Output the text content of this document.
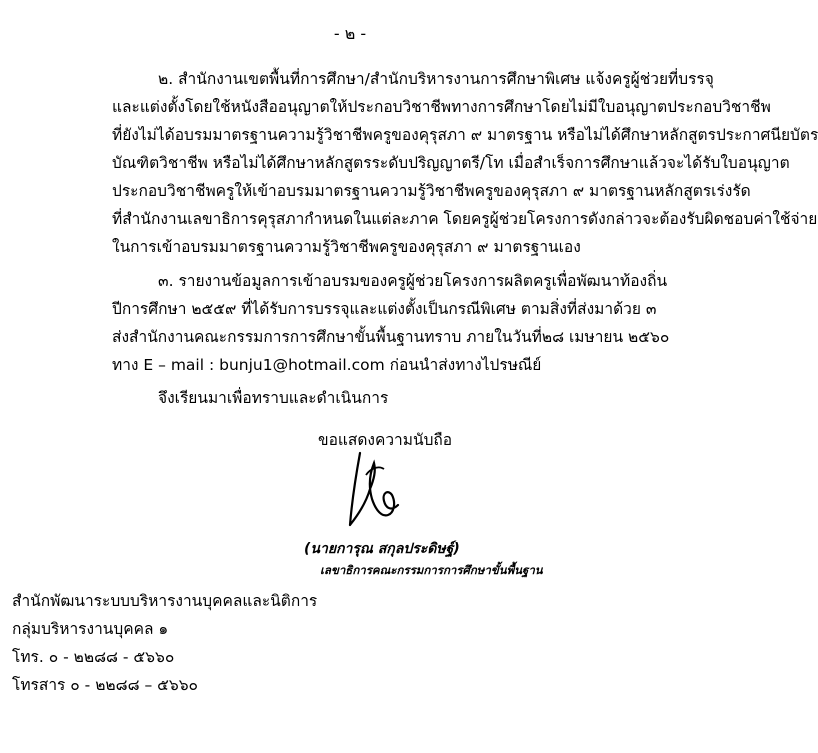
- ๒ -
๒. สำนักงานเขตพื้นที่การศึกษา/สำนักบริหารงานการศึกษาพิเศษ แจ้งครูผู้ช่วยที่บรรจุ
และแต่งตั้งโดยใช้หนังสืออนุญาตให้ประกอบวิชาชีพทางการศึกษาโดยไม่มีใบอนุญาตประกอบวิชาชีพ
ที่ยังไม่ได้อบรมมาตรฐานความรู้วิชาชีพครูของคุรุสภา ๙ มาตรฐาน หรือไม่ได้ศึกษาหลักสูตรประกาศนียบัตร
บัณฑิตวิชาชีพ หรือไม่ได้ศึกษาหลักสูตรระดับปริญญาตรี/โท เมื่อสำเร็จการศึกษาแล้วจะได้รับใบอนุญาต
ประกอบวิชาชีพครูให้เข้าอบรมมาตรฐานความรู้วิชาชีพครูของคุรุสภา ๙ มาตรฐานหลักสูตรเร่งรัด
ที่สำนักงานเลขาธิการคุรุสภากำหนดในแต่ละภาค โดยครูผู้ช่วยโครงการดังกล่าวจะต้องรับผิดชอบค่าใช้จ่าย
ในการเข้าอบรมมาตรฐานความรู้วิชาชีพครูของคุรุสภา ๙ มาตรฐานเอง
๓. รายงานข้อมูลการเข้าอบรมของครูผู้ช่วยโครงการผลิตครูเพื่อพัฒนาท้องถิ่น
ปีการศึกษา ๒๕๕๙ ที่ได้รับการบรรจุและแต่งตั้งเป็นกรณีพิเศษ ตามสิ่งที่ส่งมาด้วย ๓
ส่งสำนักงานคณะกรรมการการศึกษาขั้นพื้นฐานทราบ ภายในวันที่๒๘ เมษายน ๒๕๖๐
ทาง E – mail : bunju1@hotmail.com ก่อนนำส่งทางไปรษณีย์
จึงเรียนมาเพื่อทราบและดำเนินการ
ขอแสดงความนับถือ
(นายการุณ สกุลประดิษฐ์)
เลขาธิการคณะกรรมการการศึกษาขั้นพื้นฐาน
สำนักพัฒนาระบบบริหารงานบุคคลและนิติการ
กลุ่มบริหารงานบุคคล ๑
โทร. ๐ - ๒๒๘๘ - ๕๖๖๐
โทรสาร ๐ - ๒๒๘๘ – ๕๖๖๐
